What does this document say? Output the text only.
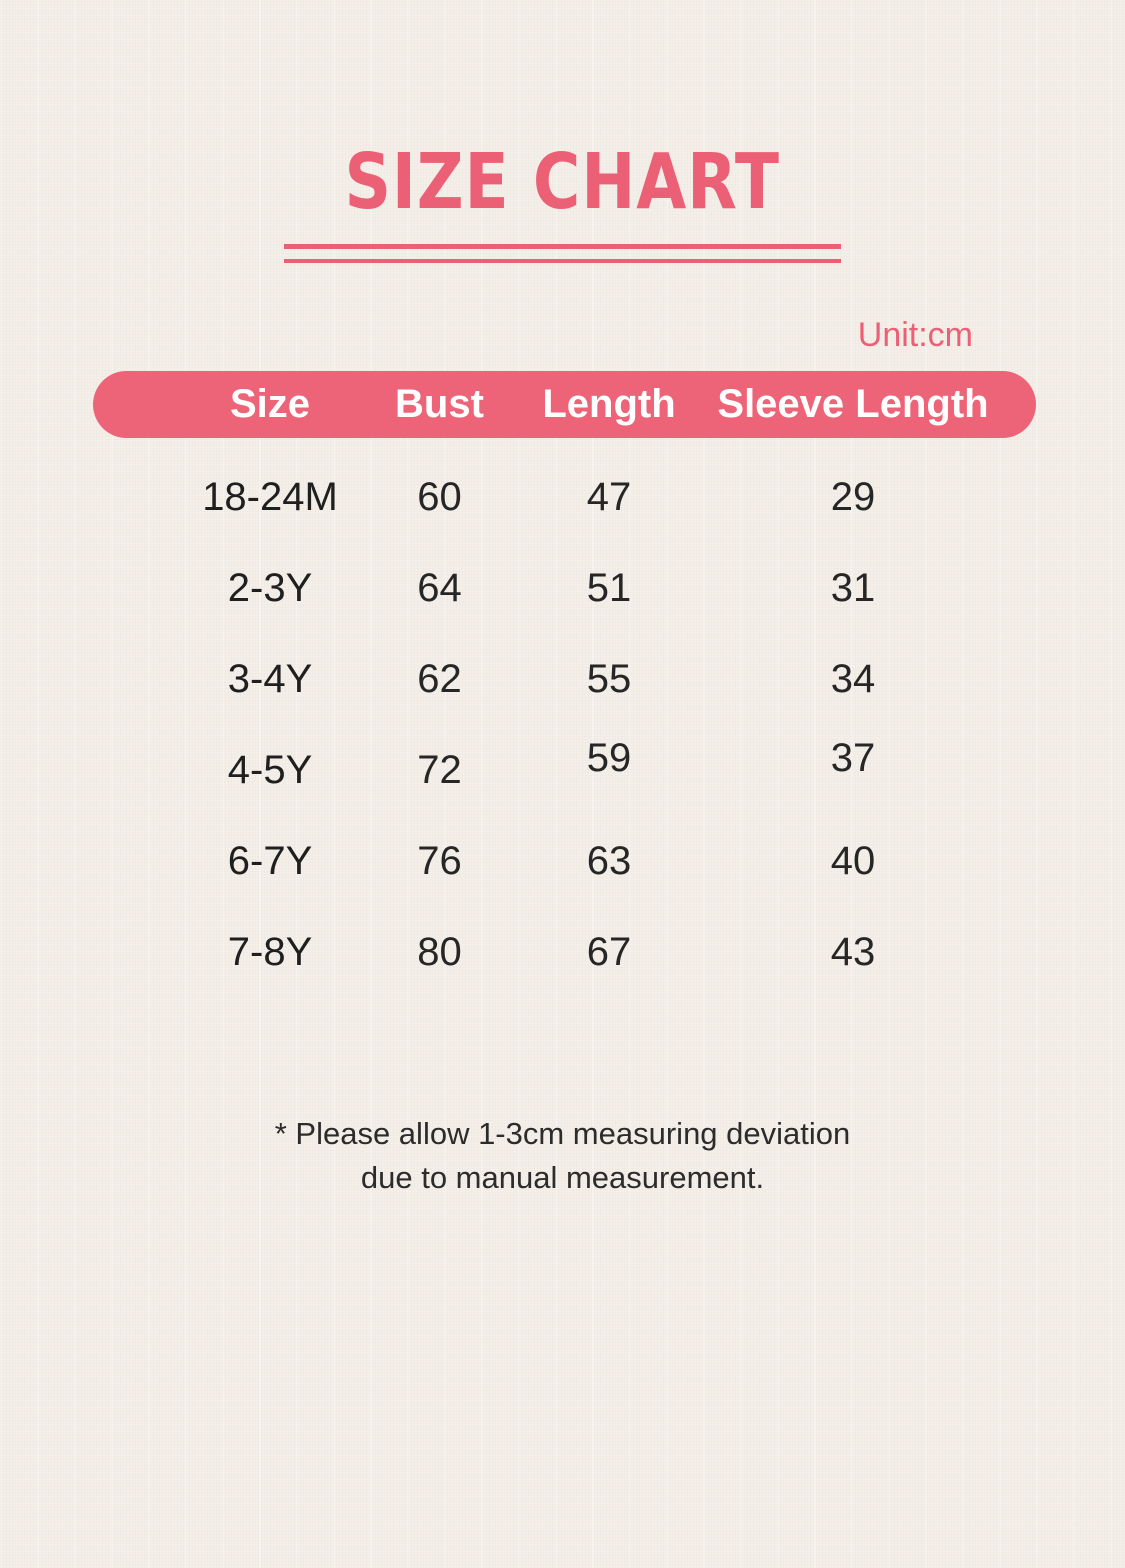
SIZE CHART
Unit:cm
Size	Bust	Length	Sleeve Length
18-24M	60	47	29
2-3Y	64	51	31
3-4Y	62	55	34
4-5Y	72	59	37
6-7Y	76	63	40
7-8Y	80	67	43
* Please allow 1-3cm measuring deviation
due to manual measurement.
